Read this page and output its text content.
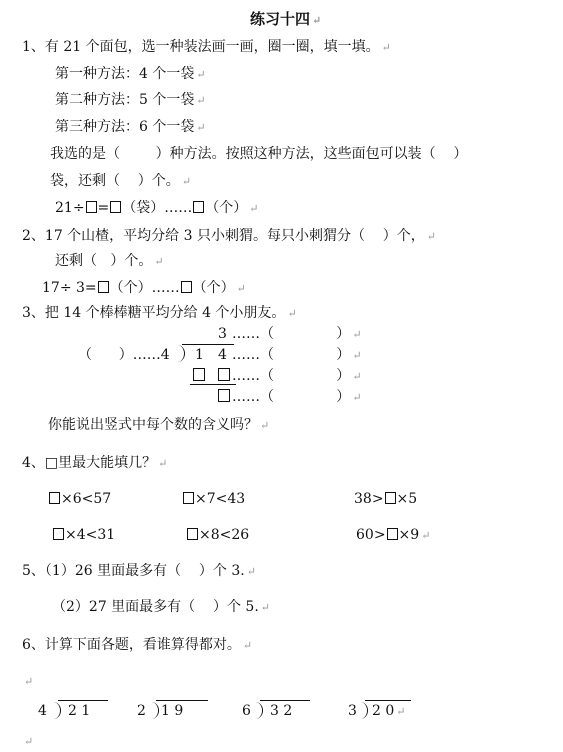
练习十四 ↵
1、有 21 个面包，选一种装法画一画，圈一圈，填一填。 ↵
第一种方法：4 个一袋 ↵
第二种方法：5 个一袋 ↵
第三种方法：6 个一袋 ↵
我选的是（        ）种方法。按照这种方法，这些面包可以装（    ）
袋，还剩（    ）个。 ↵
21÷ = （袋）…… （个） ↵
2、17 个山楂，平均分给 3 只小刺猬。每只小刺猬分（    ）个， ↵
还剩（   ）个。 ↵
17÷ 3= （个）…… （个） ↵
3、把 14 个棒棒糖平均分给 4 个小朋友。 ↵
（      ）……4
3
1 4
……（              ） ↵
……（              ） ↵
……（              ） ↵
……（              ） ↵
你能说出竖式中每个数的含义吗？ ↵
4、□里最大能填几？ ↵
×6<57	×7<43	38> ×5
×4<31	×8<26	60> ×9 ↵
5、（1）26 里面最多有（    ）个 3. ↵
（2）27 里面最多有（    ）个 5. ↵
6、计算下面各题，看谁算得都对。 ↵
↵
4 2 1	2 1 9	6 3 2	3 2 0 ↵
↵
